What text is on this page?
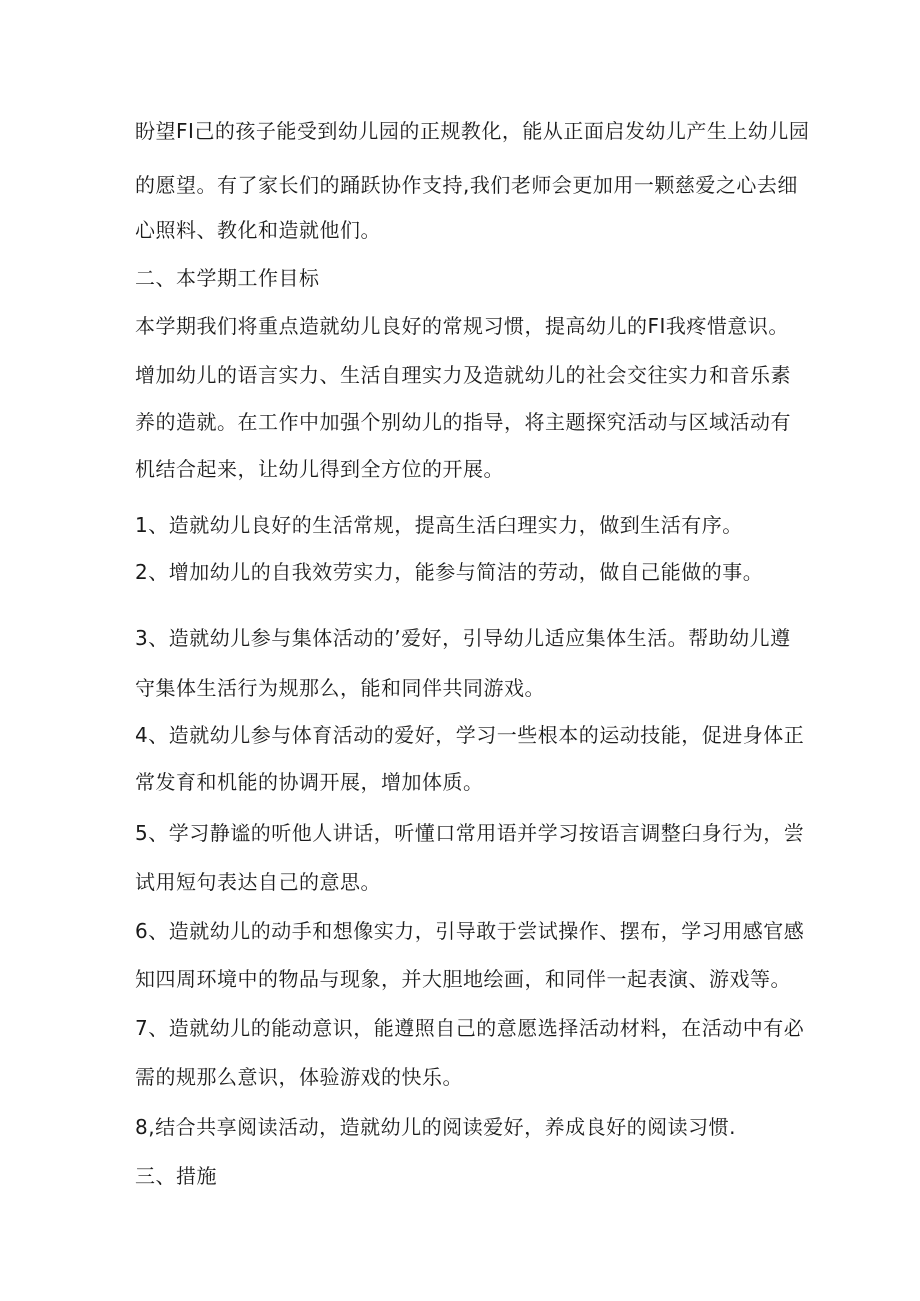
盼望FI己的孩子能受到幼儿园的正规教化，能从正面启发幼儿产生上幼儿园
的愿望。有了家长们的踊跃协作支持,我们老师会更加用一颗慈爱之心去细
心照料、教化和造就他们。
二、本学期工作目标
本学期我们将重点造就幼儿良好的常规习惯，提高幼儿的FI我疼惜意识。
增加幼儿的语言实力、生活自理实力及造就幼儿的社会交往实力和音乐素
养的造就。在工作中加强个别幼儿的指导，将主题探究活动与区域活动有
机结合起来，让幼儿得到全方位的开展。
1、造就幼儿良好的生活常规，提高生活臼理实力，做到生活有序。
2、增加幼儿的自我效劳实力，能参与简洁的劳动，做自己能做的事。
3、造就幼儿参与集体活动的’爱好，引导幼儿适应集体生活。帮助幼儿遵
守集体生活行为规那么，能和同伴共同游戏。
4、造就幼儿参与体育活动的爱好，学习一些根本的运动技能，促进身体正
常发育和机能的协调开展，增加体质。
5、学习静谧的听他人讲话，听懂口常用语并学习按语言调整臼身行为，尝
试用短句表达自己的意思。
6、造就幼儿的动手和想像实力，引导敢于尝试操作、摆布，学习用感官感
知四周环境中的物品与现象，并大胆地绘画，和同伴一起表演、游戏等。
7、造就幼儿的能动意识，能遵照自己的意愿选择活动材料，在活动中有必
需的规那么意识，体验游戏的快乐。
8,结合共享阅读活动，造就幼儿的阅读爱好，养成良好的阅读习惯.
三、措施
